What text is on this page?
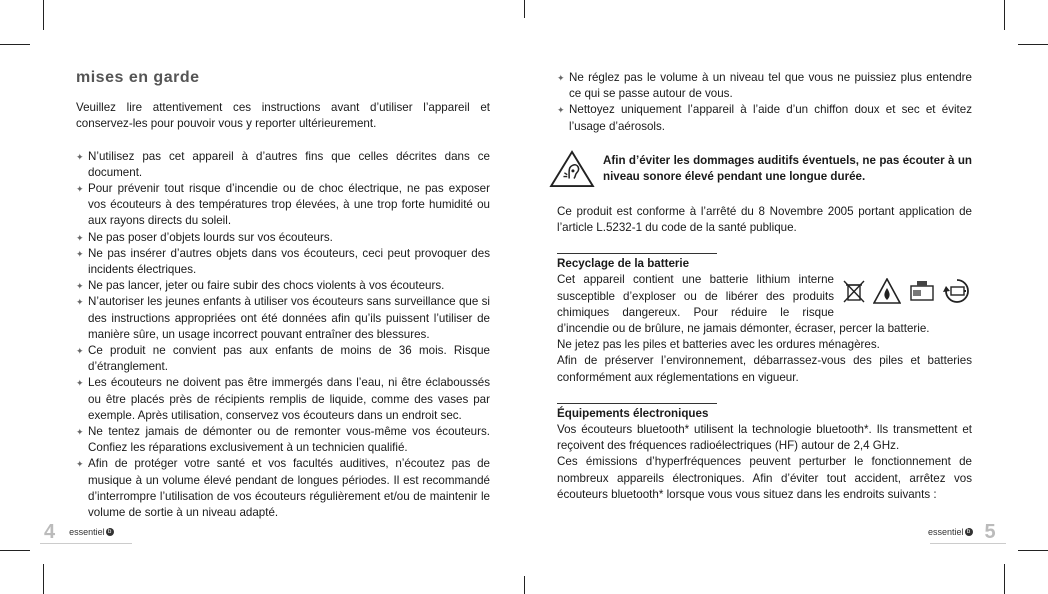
mises en garde

Veuillez lire attentivement ces instructions avant d’utiliser l’appareil et conservez-les pour pouvoir vous y reporter ultérieurement.

✦ N’utilisez pas cet appareil à d’autres fins que celles décrites dans ce document.
✦ Pour prévenir tout risque d’incendie ou de choc électrique, ne pas exposer vos écouteurs à des températures trop élevées, à une trop forte humidité ou aux rayons directs du soleil.
✦ Ne pas poser d’objets lourds sur vos écouteurs.
✦ Ne pas insérer d’autres objets dans vos écouteurs, ceci peut provoquer des incidents électriques.
✦ Ne pas lancer, jeter ou faire subir des chocs violents à vos écouteurs.
✦ N’autoriser les jeunes enfants à utiliser vos écouteurs sans surveillance que si des instructions appropriées ont été données afin qu’ils puissent l’utiliser de manière sûre, un usage incorrect pouvant entraîner des blessures.
✦ Ce produit ne convient pas aux enfants de moins de 36 mois. Risque d’étranglement.
✦ Les écouteurs ne doivent pas être immergés dans l’eau, ni être éclaboussés ou être placés près de récipients remplis de liquide, comme des vases par exemple. Après utilisation, conservez vos écouteurs dans un endroit sec.
✦ Ne tentez jamais de démonter ou de remonter vous-même vos écouteurs. Confiez les réparations exclusivement à un technicien qualifié.
✦ Afin de protéger votre santé et vos facultés auditives, n’écoutez pas de musique à un volume élevé pendant de longues périodes. Il est recommandé d’interrompre l’utilisation de vos écouteurs régulièrement et/ou de maintenir le volume de sortie à un niveau adapté.
4 essentiel b
✦ Ne réglez pas le volume à un niveau tel que vous ne puissiez plus entendre ce qui se passe autour de vous.
✦ Nettoyez uniquement l’appareil à l’aide d’un chiffon doux et sec et évitez l’usage d’aérosols.
Afin d’éviter les dommages auditifs éventuels, ne pas écouter à un niveau sonore élevé pendant une longue durée.

Ce produit est conforme à l’arrêté du 8 Novembre 2005 portant application de l’article L.5232-1 du code de la santé publique.

Recyclage de la batterie

Cet appareil contient une batterie lithium interne susceptible d’exploser ou de libérer des produits chimiques dangereux. Pour réduire le risque d’incendie ou de brûlure, ne jamais démonter, écraser, percer la batterie.

Ne jetez pas les piles et batteries avec les ordures ménagères.

Afin de préserver l’environnement, débarrassez-vous des piles et batteries conformément aux réglementations en vigueur.

Équipements électroniques

Vos écouteurs bluetooth* utilisent la technologie bluetooth*. Ils transmettent et reçoivent des fréquences radioélectriques (HF) autour de 2,4 GHz.

Ces émissions d’hyperfréquences peuvent perturber le fonctionnement de nombreux appareils électroniques. Afin d’éviter tout accident, arrêtez vos écouteurs bluetooth* lorsque vous vous situez dans les endroits suivants :

essentiel b 5
